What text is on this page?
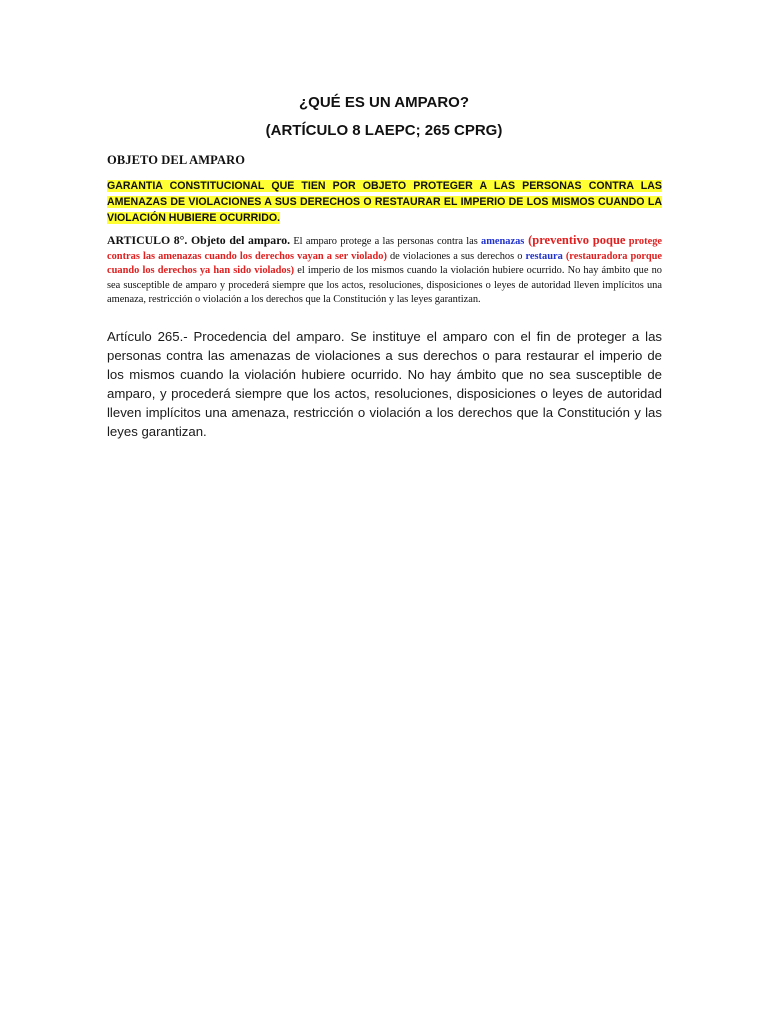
¿QUÉ ES UN AMPARO?
(ARTÍCULO 8 LAEPC; 265 CPRG)
OBJETO DEL AMPARO
GARANTIA CONSTITUCIONAL QUE TIEN POR OBJETO PROTEGER A LAS PERSONAS CONTRA LAS AMENAZAS DE VIOLACIONES A SUS DERECHOS O RESTAURAR EL IMPERIO DE LOS MISMOS CUANDO LA VIOLACIÓN HUBIERE OCURRIDO.
ARTICULO 8°. Objeto del amparo. El amparo protege a las personas contra las amenazas (preventivo poque protege contras las amenazas cuando los derechos vayan a ser violado) de violaciones a sus derechos o restaura (restauradora porque cuando los derechos ya han sido violados) el imperio de los mismos cuando la violación hubiere ocurrido. No hay ámbito que no sea susceptible de amparo y procederá siempre que los actos, resoluciones, disposiciones o leyes de autoridad lleven implícitos una amenaza, restricción o violación a los derechos que la Constitución y las leyes garantizan.
Artículo 265.- Procedencia del amparo. Se instituye el amparo con el fin de proteger a las personas contra las amenazas de violaciones a sus derechos o para restaurar el imperio de los mismos cuando la violación hubiere ocurrido. No hay ámbito que no sea susceptible de amparo, y procederá siempre que los actos, resoluciones, disposiciones o leyes de autoridad lleven implícitos una amenaza, restricción o violación a los derechos que la Constitución y las leyes garantizan.
